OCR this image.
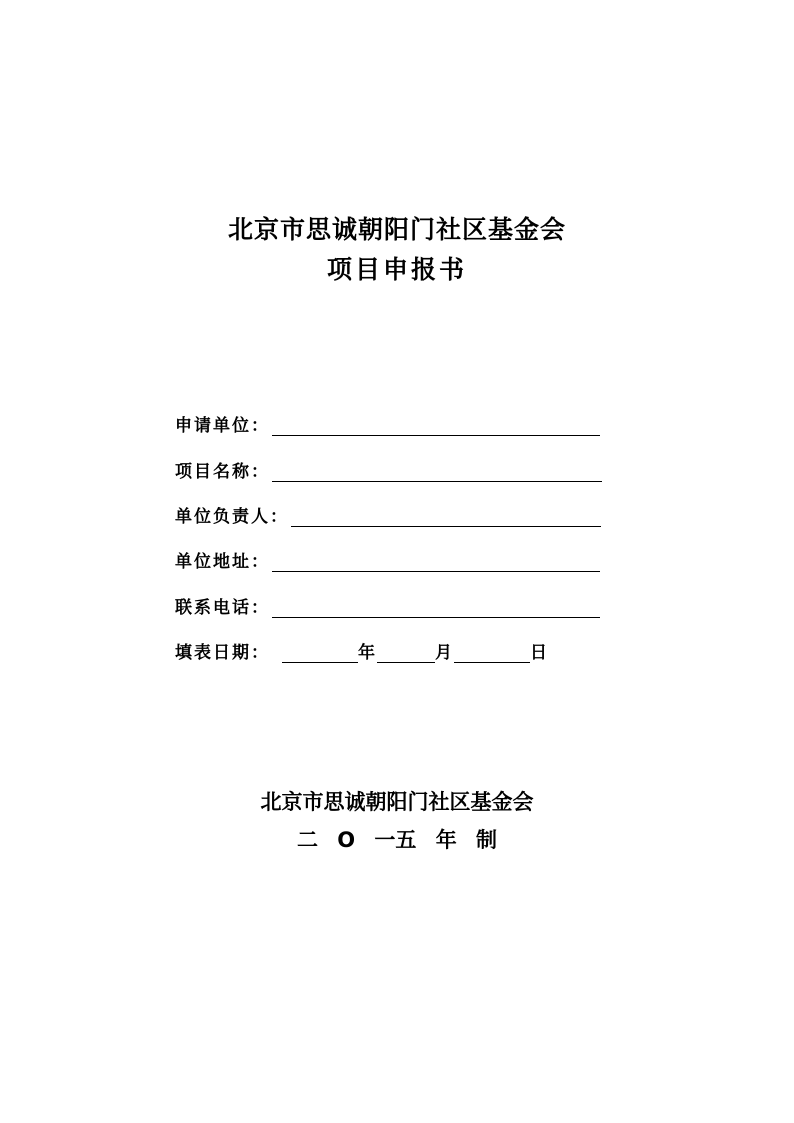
北京市思诚朝阳门社区基金会
项目申报书
申请单位：
项目名称：
单位负责人：
单位地址：
联系电话：
填表日期：	年	月	日
北京市思诚朝阳门社区基金会
二 O 一五 年 制
